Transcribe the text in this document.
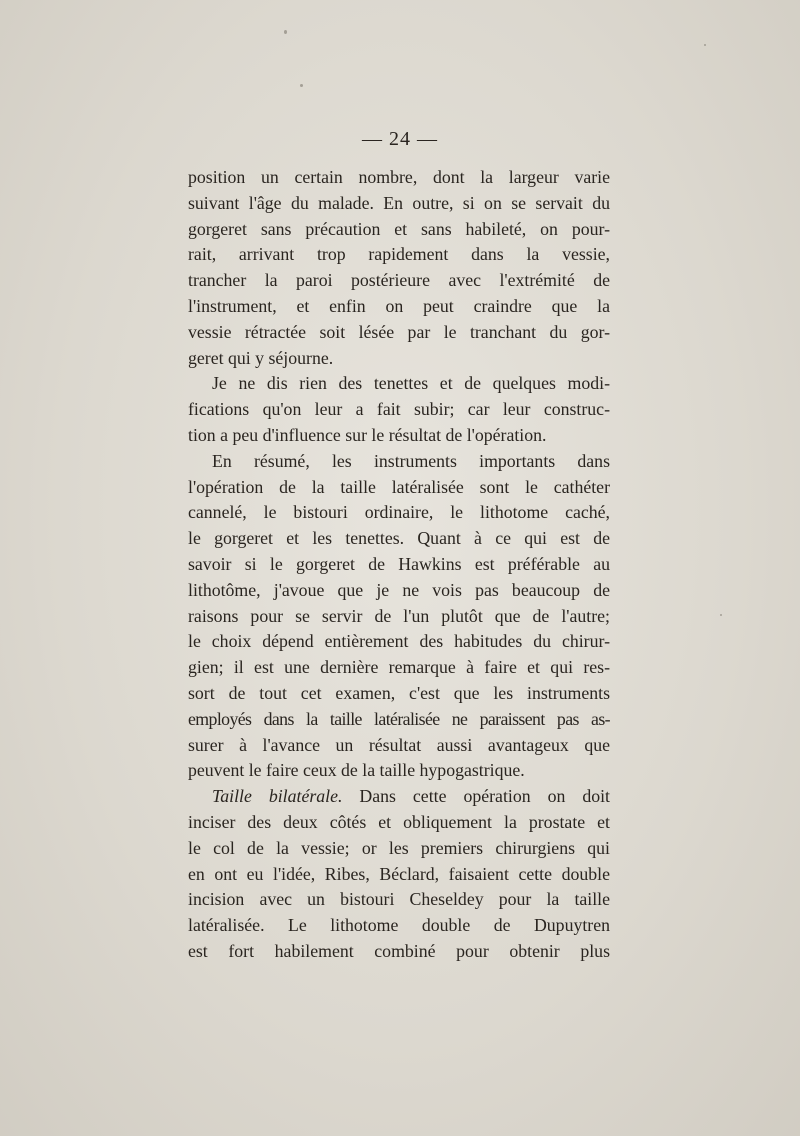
— 24 —
position un certain nombre, dont la largeur varie
suivant l'âge du malade. En outre, si on se servait du
gorgeret sans précaution et sans habileté, on pour-
rait, arrivant trop rapidement dans la vessie,
trancher la paroi postérieure avec l'extrémité de
l'instrument, et enfin on peut craindre que la
vessie rétractée soit lésée par le tranchant du gor-
geret qui y séjourne.
Je ne dis rien des tenettes et de quelques modi-
fications qu'on leur a fait subir; car leur construc-
tion a peu d'influence sur le résultat de l'opération.
En résumé, les instruments importants dans
l'opération de la taille latéralisée sont le cathéter
cannelé, le bistouri ordinaire, le lithotome caché,
le gorgeret et les tenettes. Quant à ce qui est de
savoir si le gorgeret de Hawkins est préférable au
lithotôme, j'avoue que je ne vois pas beaucoup de
raisons pour se servir de l'un plutôt que de l'autre;
le choix dépend entièrement des habitudes du chirur-
gien; il est une dernière remarque à faire et qui res-
sort de tout cet examen, c'est que les instruments
employés dans la taille latéralisée ne paraissent pas as-
surer à l'avance un résultat aussi avantageux que
peuvent le faire ceux de la taille hypogastrique.
Taille bilatérale. Dans cette opération on doit
inciser des deux côtés et obliquement la prostate et
le col de la vessie; or les premiers chirurgiens qui
en ont eu l'idée, Ribes, Béclard, faisaient cette double
incision avec un bistouri Cheseldey pour la taille
latéralisée. Le lithotome double de Dupuytren
est fort habilement combiné pour obtenir plus
